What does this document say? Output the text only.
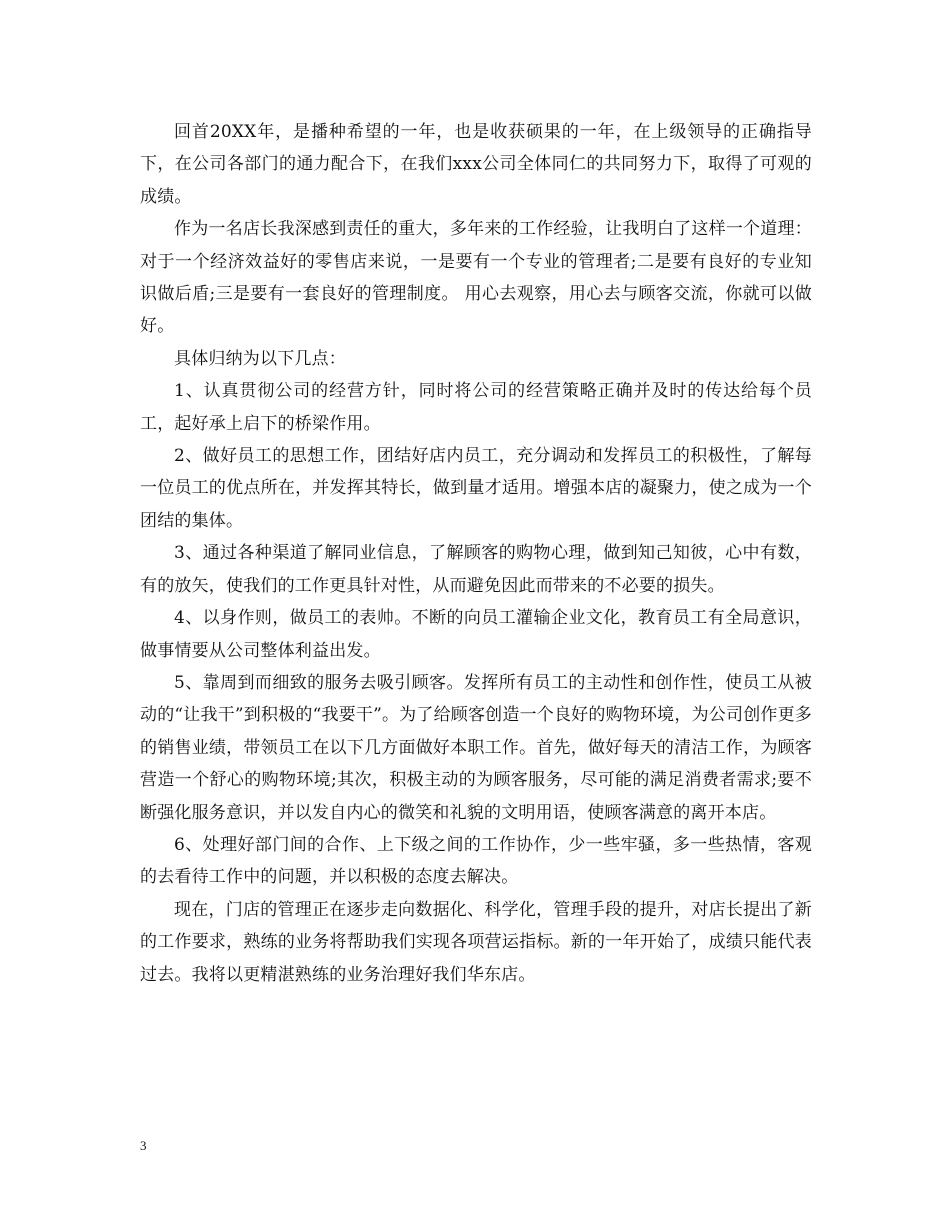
回首20XX年，是播种希望的一年，也是收获硕果的一年，在上级领导的正确指导下，在公司各部门的通力配合下，在我们xxx公司全体同仁的共同努力下，取得了可观的成绩。

作为一名店长我深感到责任的重大，多年来的工作经验，让我明白了这样一个道理：对于一个经济效益好的零售店来说，一是要有一个专业的管理者;二是要有良好的专业知识做后盾;三是要有一套良好的管理制度。 用心去观察，用心去与顾客交流，你就可以做好。

具体归纳为以下几点：

1、认真贯彻公司的经营方针，同时将公司的经营策略正确并及时的传达给每个员工，起好承上启下的桥梁作用。

2、做好员工的思想工作，团结好店内员工，充分调动和发挥员工的积极性，了解每一位员工的优点所在，并发挥其特长，做到量才适用。增强本店的凝聚力，使之成为一个团结的集体。

3、通过各种渠道了解同业信息，了解顾客的购物心理，做到知己知彼，心中有数，有的放矢，使我们的工作更具针对性，从而避免因此而带来的不必要的损失。

4、以身作则，做员工的表帅。不断的向员工灌输企业文化，教育员工有全局意识，做事情要从公司整体利益出发。

5、靠周到而细致的服务去吸引顾客。发挥所有员工的主动性和创作性，使员工从被动的“让我干”到积极的“我要干”。为了给顾客创造一个良好的购物环境，为公司创作更多的销售业绩，带领员工在以下几方面做好本职工作。首先，做好每天的清洁工作，为顾客营造一个舒心的购物环境;其次，积极主动的为顾客服务，尽可能的满足消费者需求;要不断强化服务意识，并以发自内心的微笑和礼貌的文明用语，使顾客满意的离开本店。

6、处理好部门间的合作、上下级之间的工作协作，少一些牢骚，多一些热情，客观的去看待工作中的问题，并以积极的态度去解决。

现在，门店的管理正在逐步走向数据化、科学化，管理手段的提升，对店长提出了新的工作要求，熟练的业务将帮助我们实现各项营运指标。新的一年开始了，成绩只能代表过去。我将以更精湛熟练的业务治理好我们华东店。

3
